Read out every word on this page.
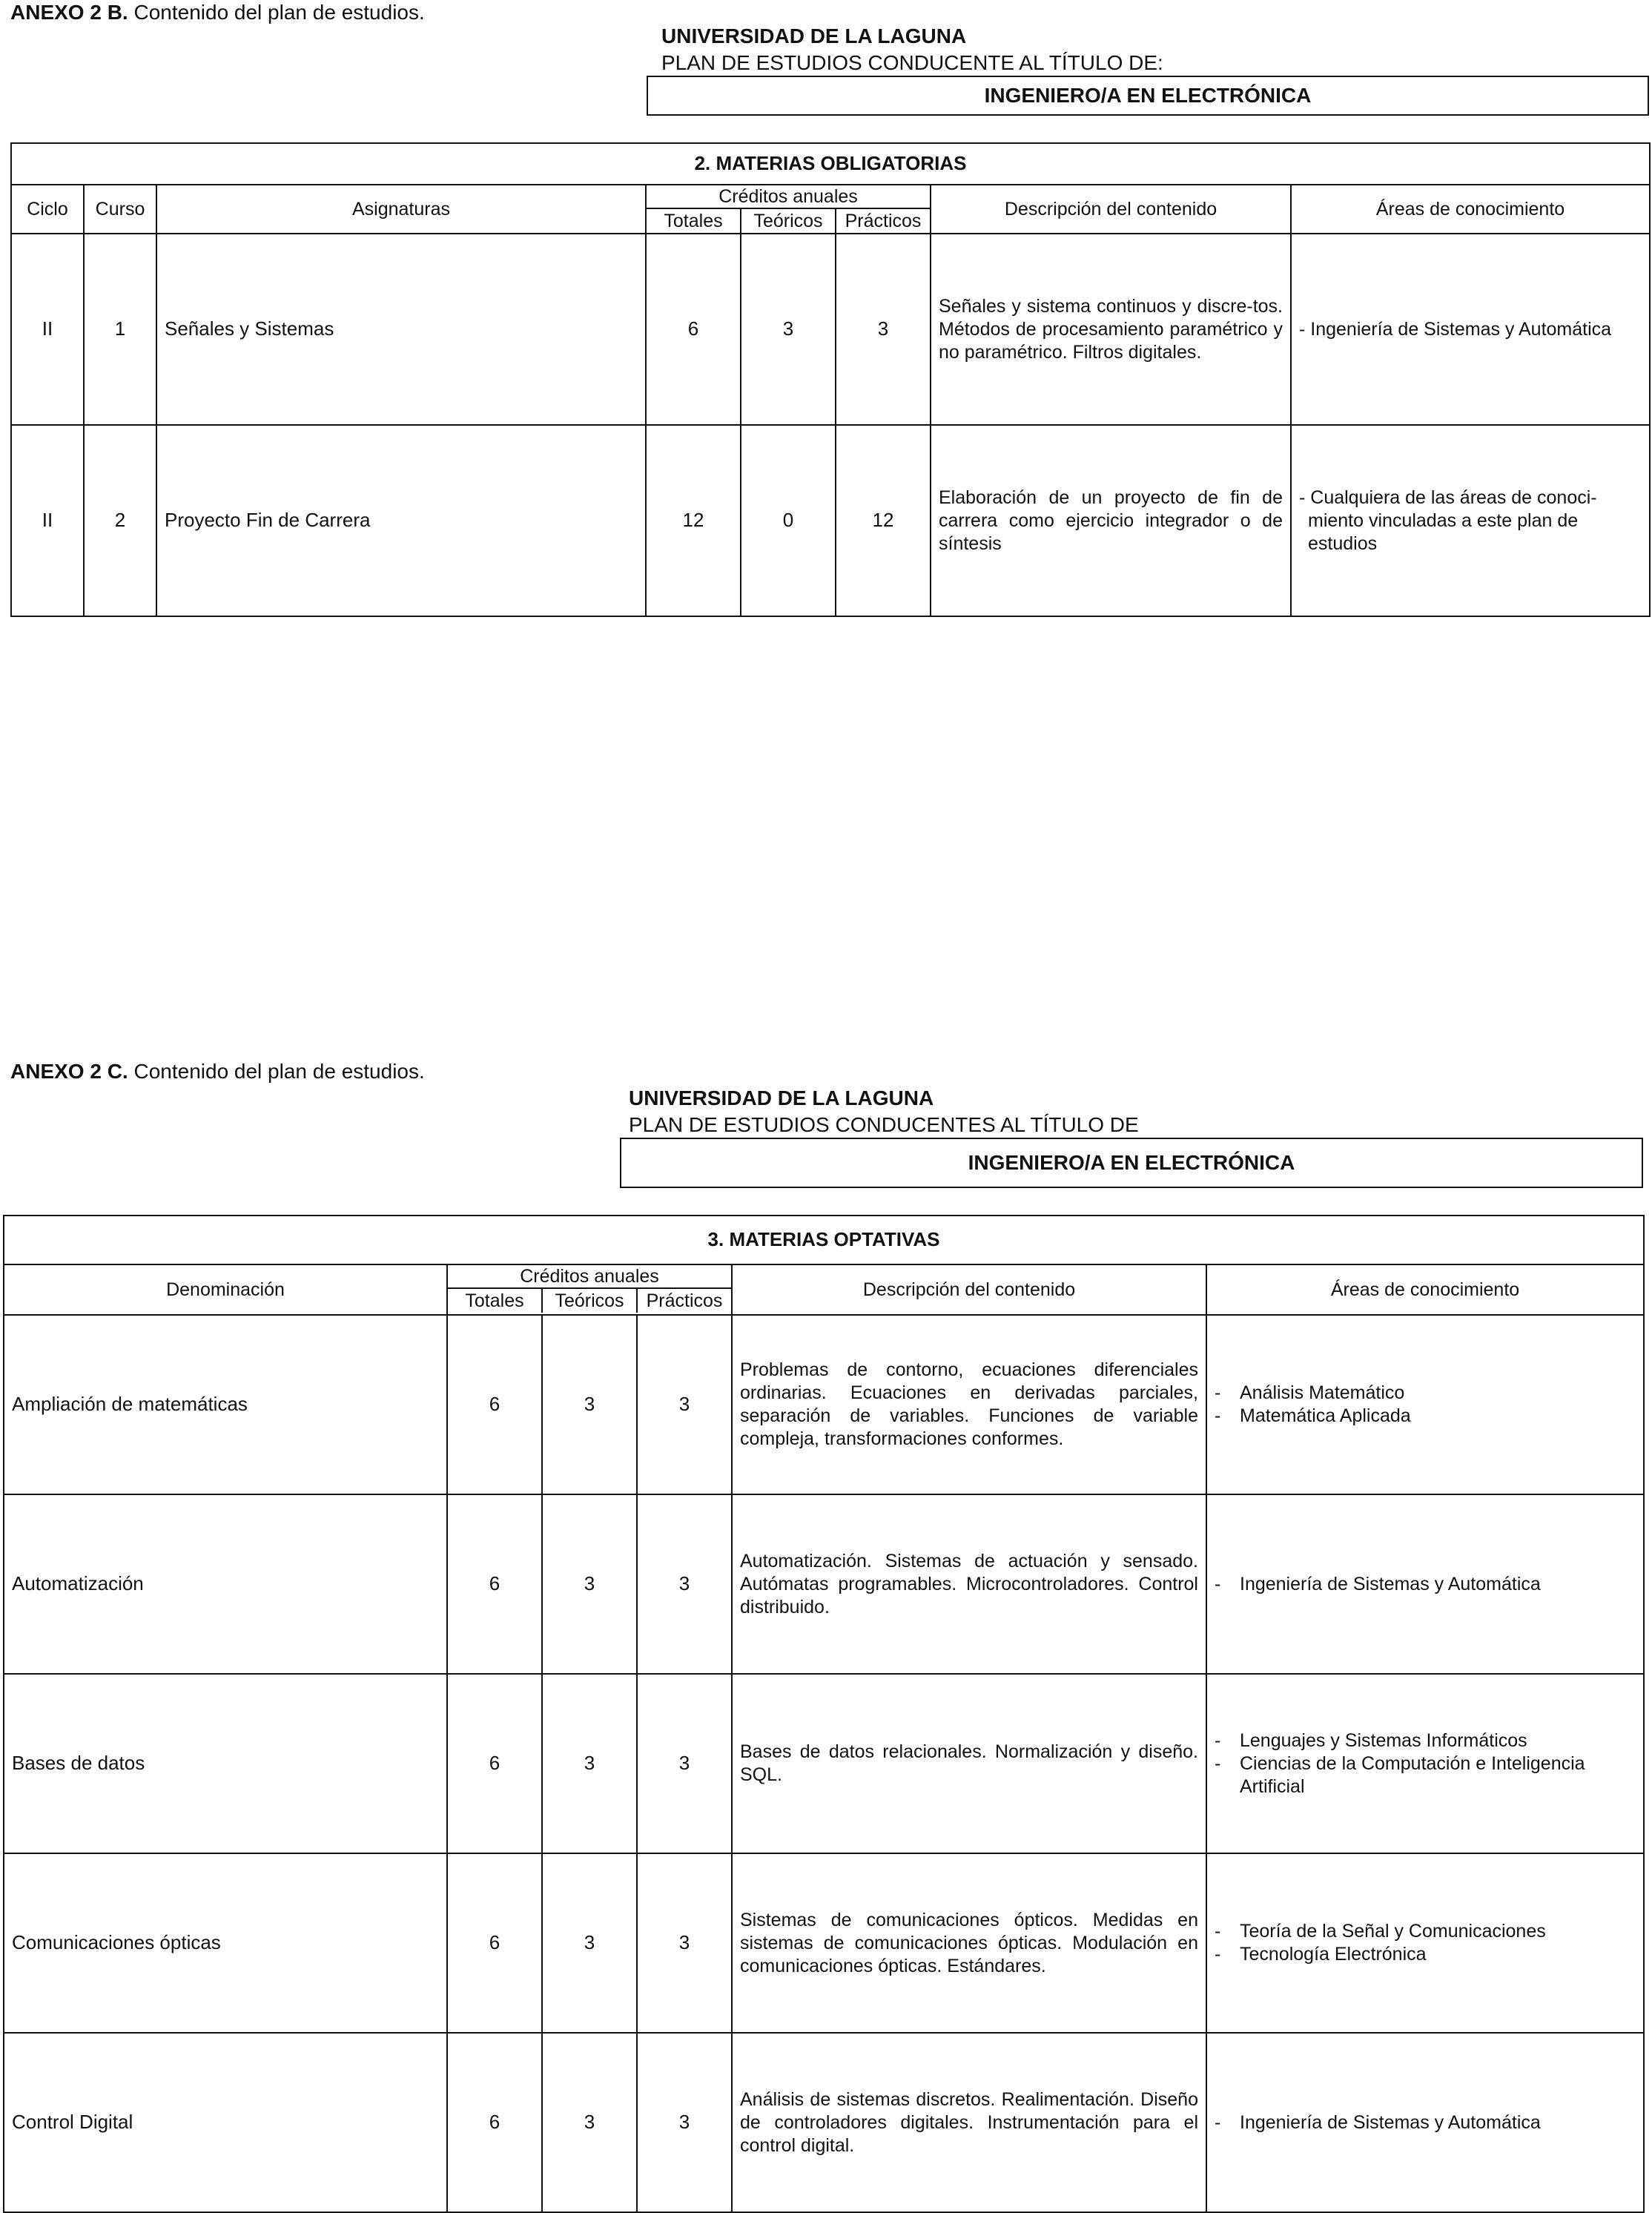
ANEXO 2 B. Contenido del plan de estudios.
UNIVERSIDAD DE LA LAGUNA
PLAN DE ESTUDIOS CONDUCENTE AL TÍTULO DE:
INGENIERO/A EN ELECTRÓNICA
2. MATERIAS OBLIGATORIAS							
Ciclo	Curso	Asignaturas	Créditos anuales
Totales Teóricos Prácticos			Descripción del contenido	Áreas de conocimiento
II	1	Señales y Sistemas	6	3	3	Señales y sistema continuos y discre-tos. Métodos de procesamiento paramétrico y no paramétrico. Filtros digitales.	- Ingeniería de Sistemas y Automática

II	2	Proyecto Fin de Carrera	12	0	12	Elaboración de un proyecto de fin de carrera como ejercicio integrador o de síntesis	- Cualquiera de las áreas de conoci-miento vinculadas a este plan de estudios
ANEXO 2 C. Contenido del plan de estudios.
UNIVERSIDAD DE LA LAGUNA
PLAN DE ESTUDIOS CONDUCENTES AL TÍTULO DE
INGENIERO/A EN ELECTRÓNICA
3. MATERIAS OPTATIVAS					
Denominación	Créditos anuales
Totales Teóricos Prácticos			Descripción del contenido	Áreas de conocimiento
Ampliación de matemáticas	6	3	3	Problemas de contorno, ecuaciones diferenciales ordinarias. Ecuaciones en derivadas parciales, separación de variables. Funciones de variable compleja, transformaciones conformes.	- Análisis Matemático
- Matemática Aplicada

Automatización	6	3	3	Automatización. Sistemas de actuación y sensado. Autómatas programables. Microcontroladores. Control distribuido.	- Ingeniería de Sistemas y Automática

Bases de datos	6	3	3	Bases de datos relacionales. Normalización y diseño. SQL.	- Lenguajes y Sistemas Informáticos
- Ciencias de la Computación e Inteligencia Artificial

Comunicaciones ópticas	6	3	3	Sistemas de comunicaciones ópticos. Medidas en sistemas de comunicaciones ópticas. Modulación en comunicaciones ópticas. Estándares.	- Teoría de la Señal y Comunicaciones
- Tecnología Electrónica

Control Digital	6	3	3	Análisis de sistemas discretos. Realimentación. Diseño de controladores digitales. Instrumentación para el control digital.	- Ingeniería de Sistemas y Automática
